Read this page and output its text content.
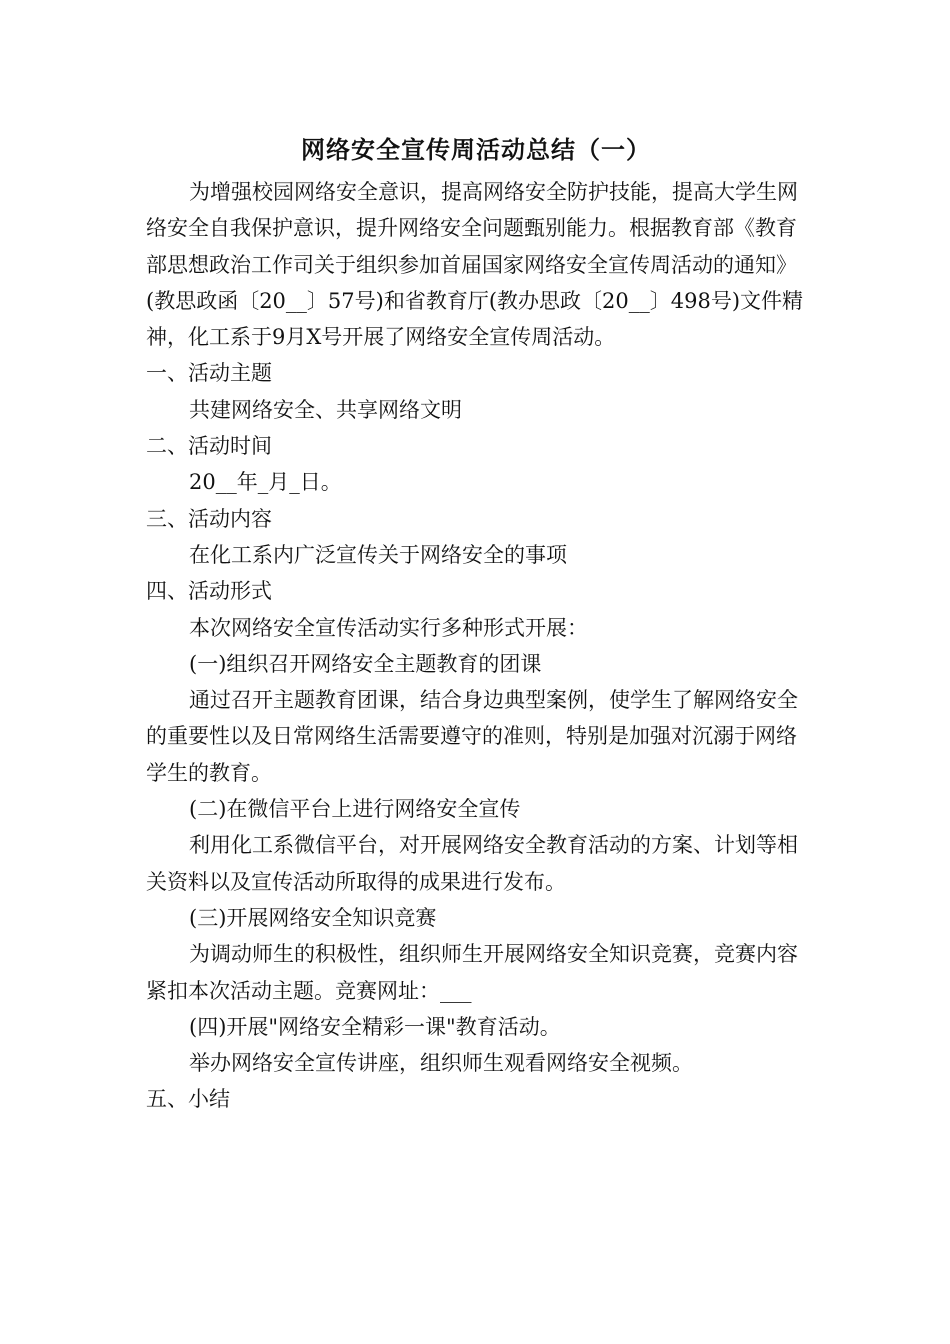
网络安全宣传周活动总结（一）

为增强校园网络安全意识，提高网络安全防护技能，提高大学生网络安全自我保护意识，提升网络安全问题甄别能力。根据教育部《教育部思想政治工作司关于组织参加首届国家网络安全宣传周活动的通知》(教思政函〔20__〕57号)和省教育厅(教办思政〔20__〕498号)文件精神，化工系于9月X号开展了网络安全宣传周活动。

一、活动主题

共建网络安全、共享网络文明

二、活动时间

20__年_月_日。

三、活动内容

在化工系内广泛宣传关于网络安全的事项

四、活动形式

本次网络安全宣传活动实行多种形式开展：

(一)组织召开网络安全主题教育的团课

通过召开主题教育团课，结合身边典型案例，使学生了解网络安全的重要性以及日常网络生活需要遵守的准则，特别是加强对沉溺于网络学生的教育。

(二)在微信平台上进行网络安全宣传

利用化工系微信平台，对开展网络安全教育活动的方案、计划等相关资料以及宣传活动所取得的成果进行发布。

(三)开展网络安全知识竞赛

为调动师生的积极性，组织师生开展网络安全知识竞赛，竞赛内容紧扣本次活动主题。竞赛网址：___

(四)开展"网络安全精彩一课"教育活动。

举办网络安全宣传讲座，组织师生观看网络安全视频。

五、小结
